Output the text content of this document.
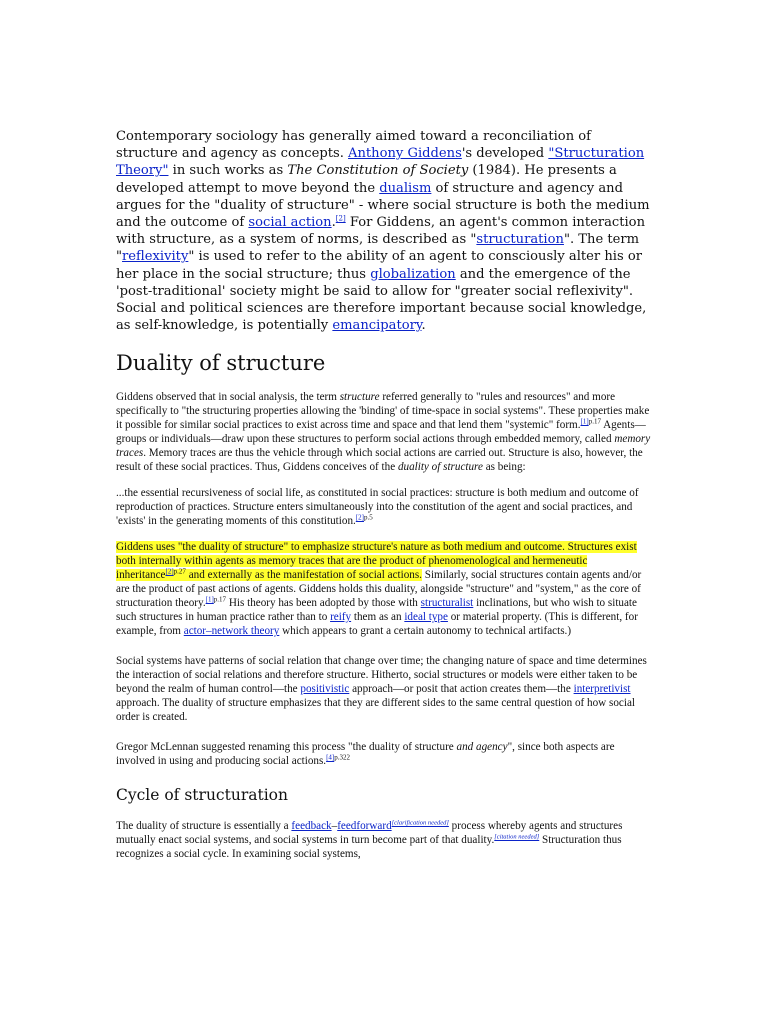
Contemporary sociology has generally aimed toward a reconciliation of structure and agency as concepts. Anthony Giddens's developed "Structuration Theory" in such works as The Constitution of Society (1984). He presents a developed attempt to move beyond the dualism of structure and agency and argues for the "duality of structure" - where social structure is both the medium and the outcome of social action.[2] For Giddens, an agent's common interaction with structure, as a system of norms, is described as "structuration". The term "reflexivity" is used to refer to the ability of an agent to consciously alter his or her place in the social structure; thus globalization and the emergence of the 'post-traditional' society might be said to allow for "greater social reflexivity". Social and political sciences are therefore important because social knowledge, as self-knowledge, is potentially emancipatory.

Duality of structure

Giddens observed that in social analysis, the term structure referred generally to "rules and resources" and more specifically to "the structuring properties allowing the 'binding' of time-space in social systems". These properties make it possible for similar social practices to exist across time and space and that lend them "systemic" form.$^{[1]p.17}$ Agents—groups or individuals—draw upon these structures to perform social actions through embedded memory, called memory traces. Memory traces are thus the vehicle through which social actions are carried out. Structure is also, however, the result of these social practices. Thus, Giddens conceives of the duality of structure as being:

...the essential recursiveness of social life, as constituted in social practices: structure is both medium and outcome of reproduction of practices. Structure enters simultaneously into the constitution of the agent and social practices, and 'exists' in the generating moments of this constitution.$^{[2]p.5}$

Giddens uses "the duality of structure" to emphasize structure's nature as both medium and outcome. Structures exist both internally within agents as memory traces that are the product of phenomenological and hermeneutic inheritance$^{[2]p.27}$ and externally as the manifestation of social actions. Similarly, social structures contain agents and/or are the product of past actions of agents. Giddens holds this duality, alongside "structure" and "system," as the core of structuration theory.$^{[1]p.17}$ His theory has been adopted by those with structuralist inclinations, but who wish to situate such structures in human practice rather than to reify them as an ideal type or material property. (This is different, for example, from actor–network theory which appears to grant a certain autonomy to technical artifacts.)

Social systems have patterns of social relation that change over time; the changing nature of space and time determines the interaction of social relations and therefore structure. Hitherto, social structures or models were either taken to be beyond the realm of human control—the positivistic approach—or posit that action creates them—the interpretivist approach. The duality of structure emphasizes that they are different sides to the same central question of how social order is created.

Gregor McLennan suggested renaming this process "the duality of structure and agency", since both aspects are involved in using and producing social actions.$^{[4]p.322}$

Cycle of structuration

The duality of structure is essentially a feedback–feedforward[clarification needed] process whereby agents and structures mutually enact social systems, and social systems in turn become part of that duality.[citation needed] Structuration thus recognizes a social cycle. In examining social systems,
